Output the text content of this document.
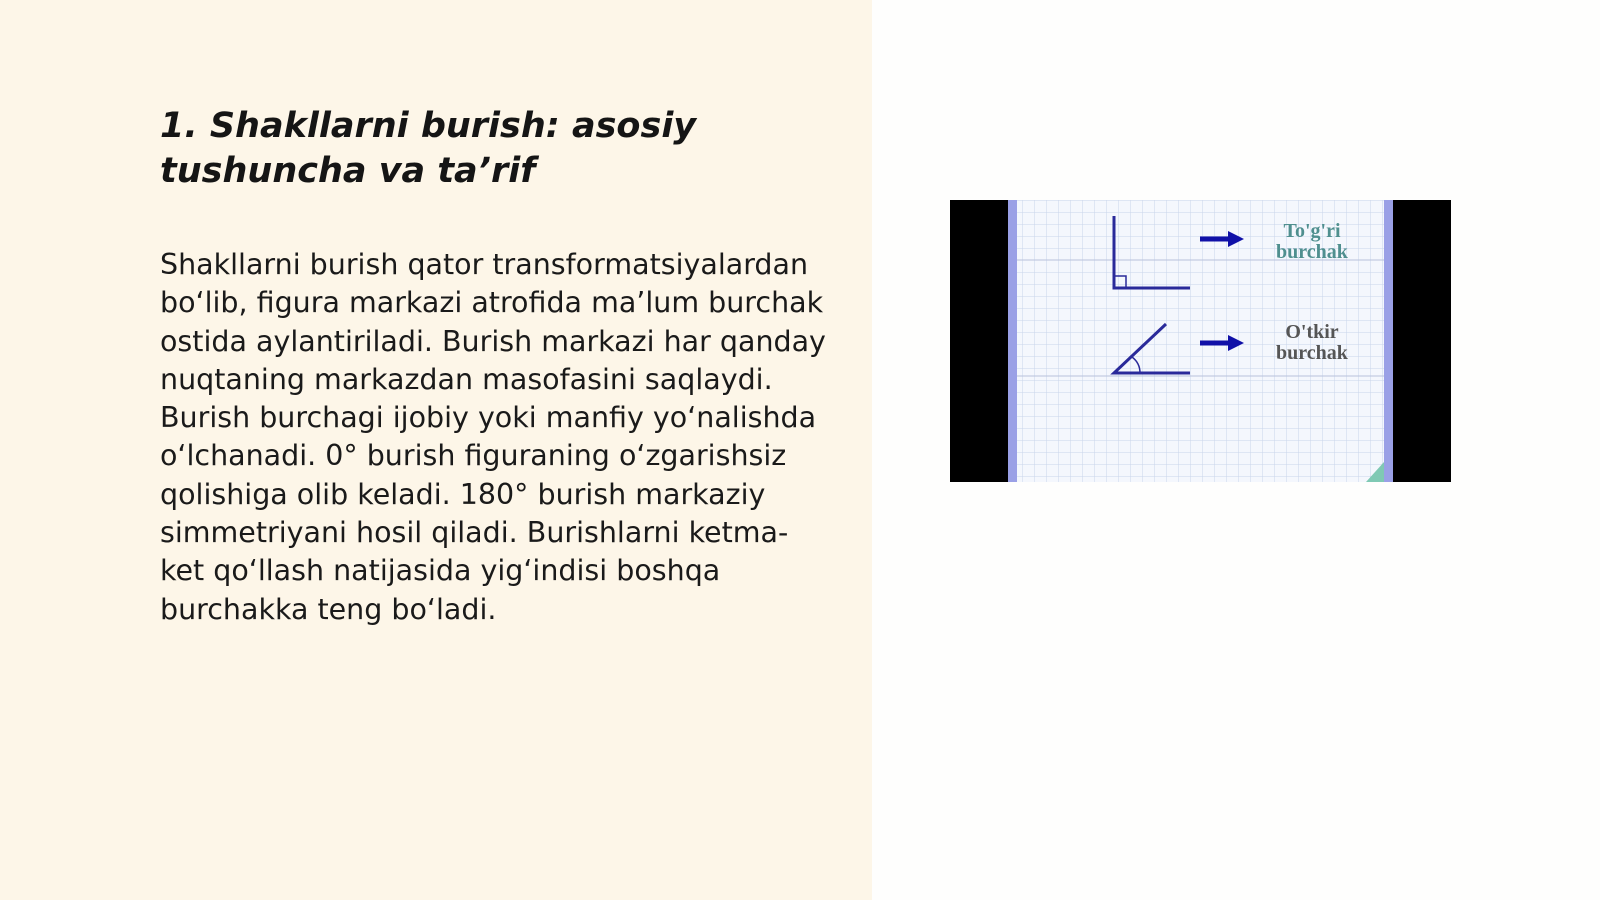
1. Shakllarni burish: asosiy tushuncha va ta’rif

Shakllarni burish qator transformatsiyalardan bo‘lib, figura markazi atrofida ma’lum burchak ostida aylantiriladi. Burish markazi har qanday nuqtaning markazdan masofasini saqlaydi. Burish burchagi ijobiy yoki manfiy yo‘nalishda o‘lchanadi. 0° burish figuraning o‘zgarishsiz qolishiga olib keladi. 180° burish markaziy simmetriyani hosil qiladi. Burishlarni ketma-ket qo‘llash natijasida yig‘indisi boshqa burchakka teng bo‘ladi.

To'g'ri
burchak
O'tkir
burchak
